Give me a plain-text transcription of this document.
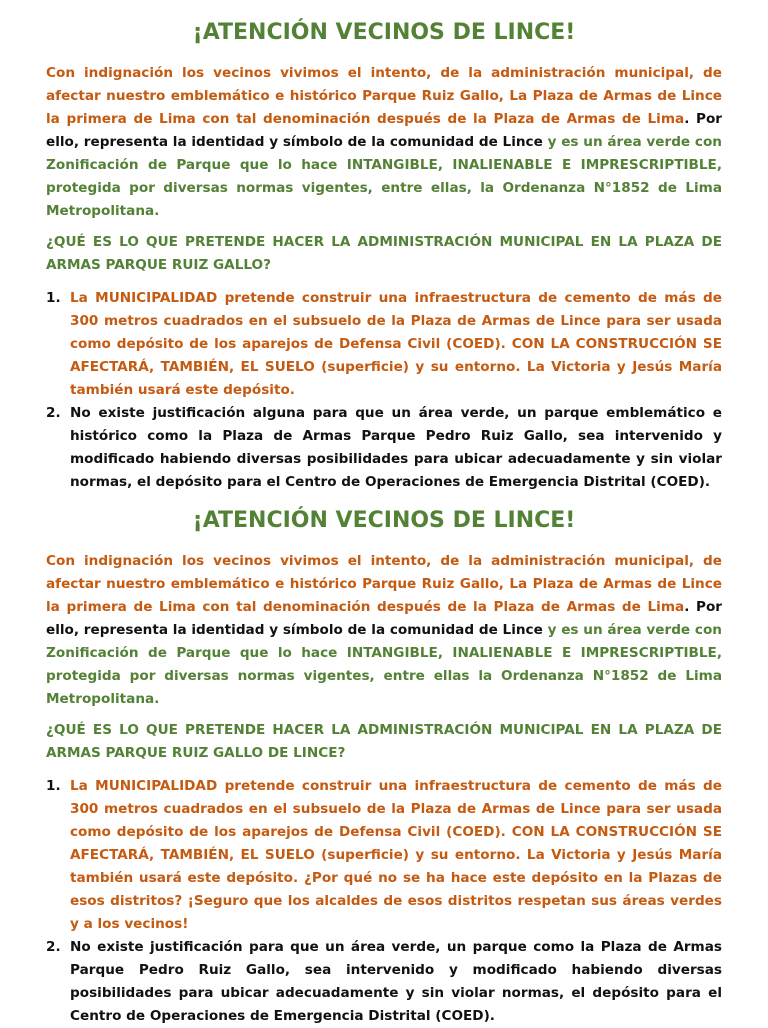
¡ATENCIÓN VECINOS DE LINCE!

Con indignación los vecinos vivimos el intento, de la administración municipal, de afectar nuestro emblemático e histórico Parque Ruiz Gallo, La Plaza de Armas de Lince la primera de Lima con tal denominación después de la Plaza de Armas de Lima. Por ello, representa la identidad y símbolo de la comunidad de Lince y es un área verde con Zonificación de Parque que lo hace INTANGIBLE, INALIENABLE E IMPRESCRIPTIBLE, protegida por diversas normas vigentes, entre ellas, la Ordenanza N°1852 de Lima Metropolitana.

¿QUÉ ES LO QUE PRETENDE HACER LA ADMINISTRACIÓN MUNICIPAL EN LA PLAZA DE ARMAS PARQUE RUIZ GALLO?

1. La MUNICIPALIDAD pretende construir una infraestructura de cemento de más de 300 metros cuadrados en el subsuelo de la Plaza de Armas de Lince para ser usada como depósito de los aparejos de Defensa Civil (COED). CON LA CONSTRUCCIÓN SE AFECTARÁ, TAMBIÉN, EL SUELO (superficie) y su entorno. La Victoria y Jesús María también usará este depósito.
2. No existe justificación alguna para que un área verde, un parque emblemático e histórico como la Plaza de Armas Parque Pedro Ruiz Gallo, sea intervenido y modificado habiendo diversas posibilidades para ubicar adecuadamente y sin violar normas, el depósito para el Centro de Operaciones de Emergencia Distrital (COED).
¡ATENCIÓN VECINOS DE LINCE!

Con indignación los vecinos vivimos el intento, de la administración municipal, de afectar nuestro emblemático e histórico Parque Ruiz Gallo, La Plaza de Armas de Lince la primera de Lima con tal denominación después de la Plaza de Armas de Lima. Por ello, representa la identidad y símbolo de la comunidad de Lince y es un área verde con Zonificación de Parque que lo hace INTANGIBLE, INALIENABLE E IMPRESCRIPTIBLE, protegida por diversas normas vigentes, entre ellas la Ordenanza N°1852 de Lima Metropolitana.

¿QUÉ ES LO QUE PRETENDE HACER LA ADMINISTRACIÓN MUNICIPAL EN LA PLAZA DE ARMAS PARQUE RUIZ GALLO DE LINCE?

1. La MUNICIPALIDAD pretende construir una infraestructura de cemento de más de 300 metros cuadrados en el subsuelo de la Plaza de Armas de Lince para ser usada como depósito de los aparejos de Defensa Civil (COED). CON LA CONSTRUCCIÓN SE AFECTARÁ, TAMBIÉN, EL SUELO (superficie) y su entorno. La Victoria y Jesús María también usará este depósito. ¿Por qué no se ha hace este depósito en la Plazas de esos distritos? ¡Seguro que los alcaldes de esos distritos respetan sus áreas verdes y a los vecinos!
2. No existe justificación para que un área verde, un parque como la Plaza de Armas Parque Pedro Ruiz Gallo, sea intervenido y modificado habiendo diversas posibilidades para ubicar adecuadamente y sin violar normas, el depósito para el Centro de Operaciones de Emergencia Distrital (COED).
